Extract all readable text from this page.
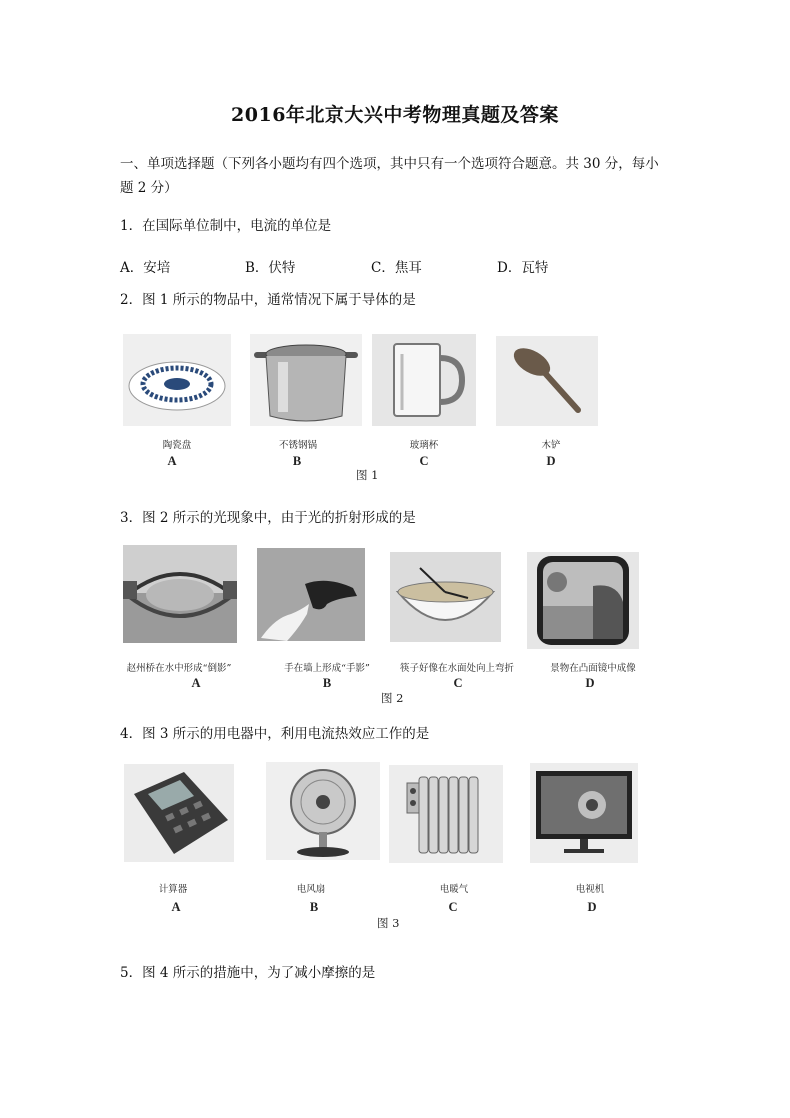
2016年北京大兴中考物理真题及答案
一、单项选择题（下列各小题均有四个选项，其中只有一个选项符合题意。共 30 分，每小
题 2 分）
1．在国际单位制中，电流的单位是
A．安培	B．伏特	C．焦耳	D．瓦特
2．图 1 所示的物品中，通常情况下属于导体的是
陶瓷盘	不锈钢锅	玻璃杯	木铲
A	B	C	D
图 1
3．图 2 所示的光现象中，由于光的折射形成的是
赵州桥在水中形成“倒影”	手在墙上形成“手影”	筷子好像在水面处向上弯折	景物在凸面镜中成像
A	B	C	D
图 2
4．图 3 所示的用电器中，利用电流热效应工作的是
计算器	电风扇	电暖气	电视机
A	B	C	D
图 3
5．图 4 所示的措施中，为了减小摩擦的是
